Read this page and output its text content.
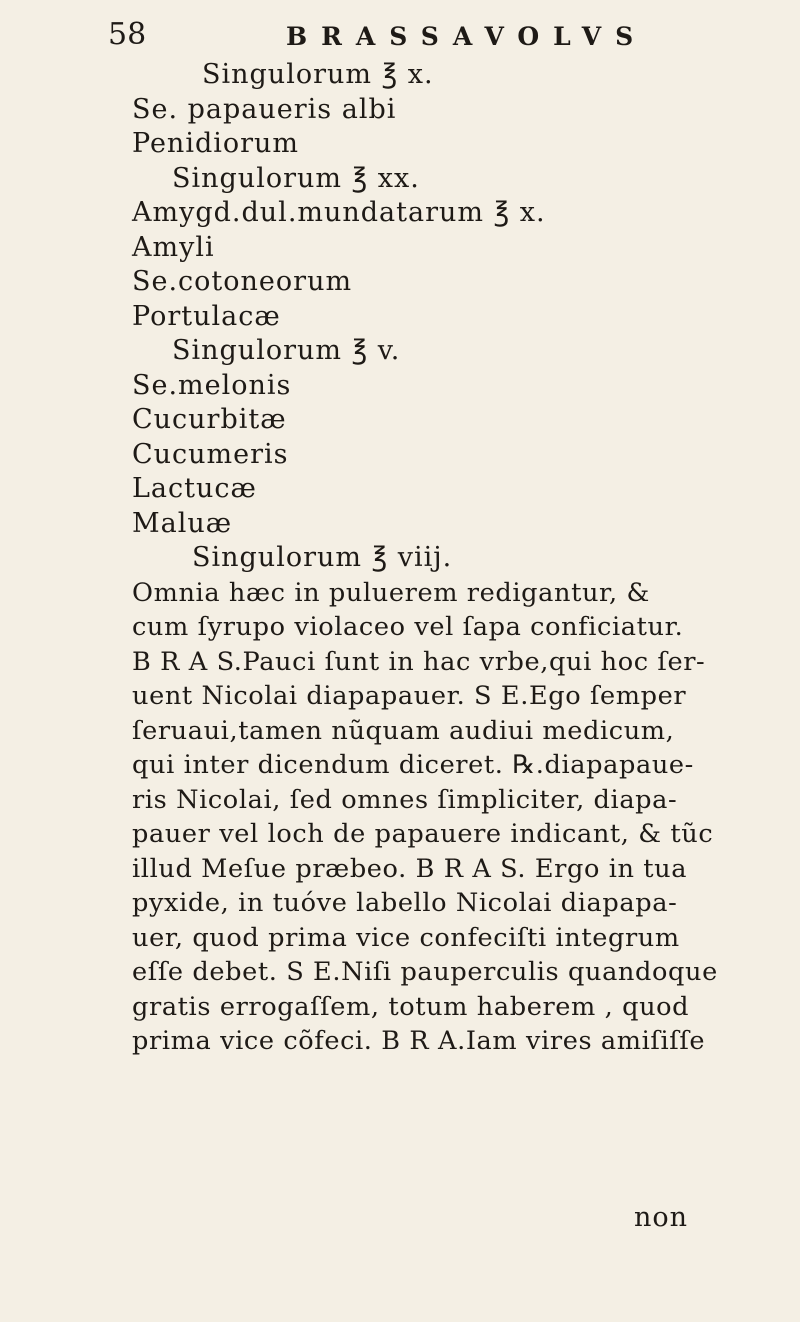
58	BRASSAVOLVS
Singulorum ℥ x.
Se. papaueris albi
Penidiorum
Singulorum ℥ xx.
Amygd.dul.mundatarum ℥ x.
Amyli
Se.cotoneorum
Portulacæ
Singulorum ℥ v.
Se.melonis
Cucurbitæ
Cucumeris
Lactucæ
Maluæ
Singulorum ℥ viij.
Omnia hæc in puluerem redigantur, &
cum ſyrupo violaceo vel ſapa conficiatur.
B R A S.Pauci ſunt in hac vrbe,qui hoc ſer-
uent Nicolai diapapauer. S E.Ego ſemper
ſeruaui,tamen nũquam audiui medicum,
qui inter dicendum diceret. ℞.diapapaue-
ris Nicolai, ſed omnes ſimpliciter, diapa-
pauer vel loch de papauere indicant, & tũc
illud Meſue præbeo. B R A S. Ergo in tua
pyxide, in tuóve labello Nicolai diapapa-
uer, quod prima vice confeciſti integrum
eſſe debet. S E.Niſi pauperculis quandoque
gratis errogaſſem, totum haberem , quod
prima vice cõfeci. B R A.Iam vires amiſiſſe
non
